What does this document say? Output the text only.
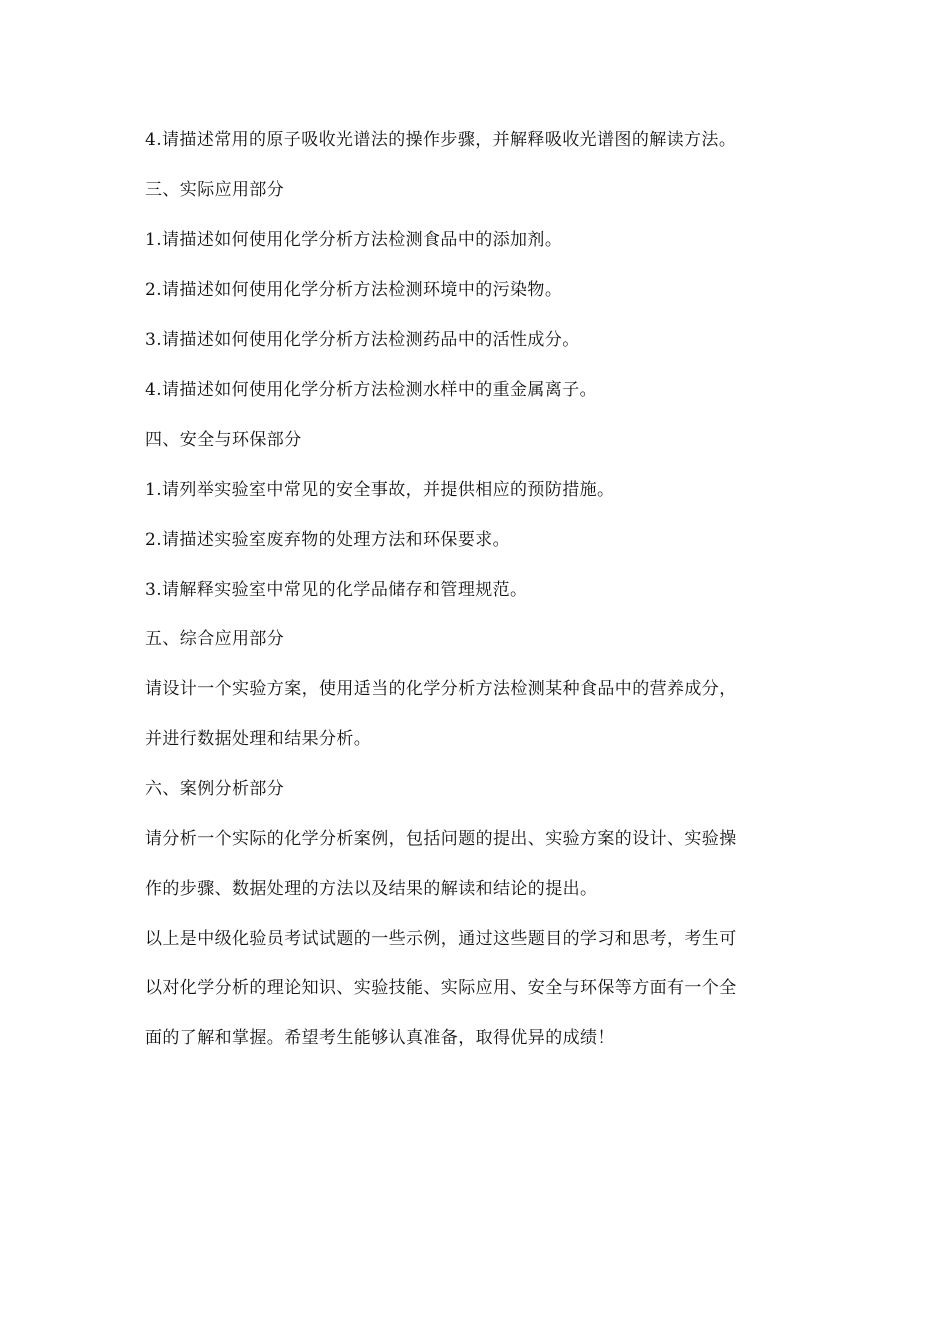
4.请描述常用的原子吸收光谱法的操作步骤，并解释吸收光谱图的解读方法。
三、实际应用部分
1.请描述如何使用化学分析方法检测食品中的添加剂。
2.请描述如何使用化学分析方法检测环境中的污染物。
3.请描述如何使用化学分析方法检测药品中的活性成分。
4.请描述如何使用化学分析方法检测水样中的重金属离子。
四、安全与环保部分
1.请列举实验室中常见的安全事故，并提供相应的预防措施。
2.请描述实验室废弃物的处理方法和环保要求。
3.请解释实验室中常见的化学品储存和管理规范。
五、综合应用部分
请设计一个实验方案，使用适当的化学分析方法检测某种食品中的营养成分，
并进行数据处理和结果分析。
六、案例分析部分
请分析一个实际的化学分析案例，包括问题的提出、实验方案的设计、实验操
作的步骤、数据处理的方法以及结果的解读和结论的提出。
以上是中级化验员考试试题的一些示例，通过这些题目的学习和思考，考生可
以对化学分析的理论知识、实验技能、实际应用、安全与环保等方面有一个全
面的了解和掌握。希望考生能够认真准备，取得优异的成绩！
